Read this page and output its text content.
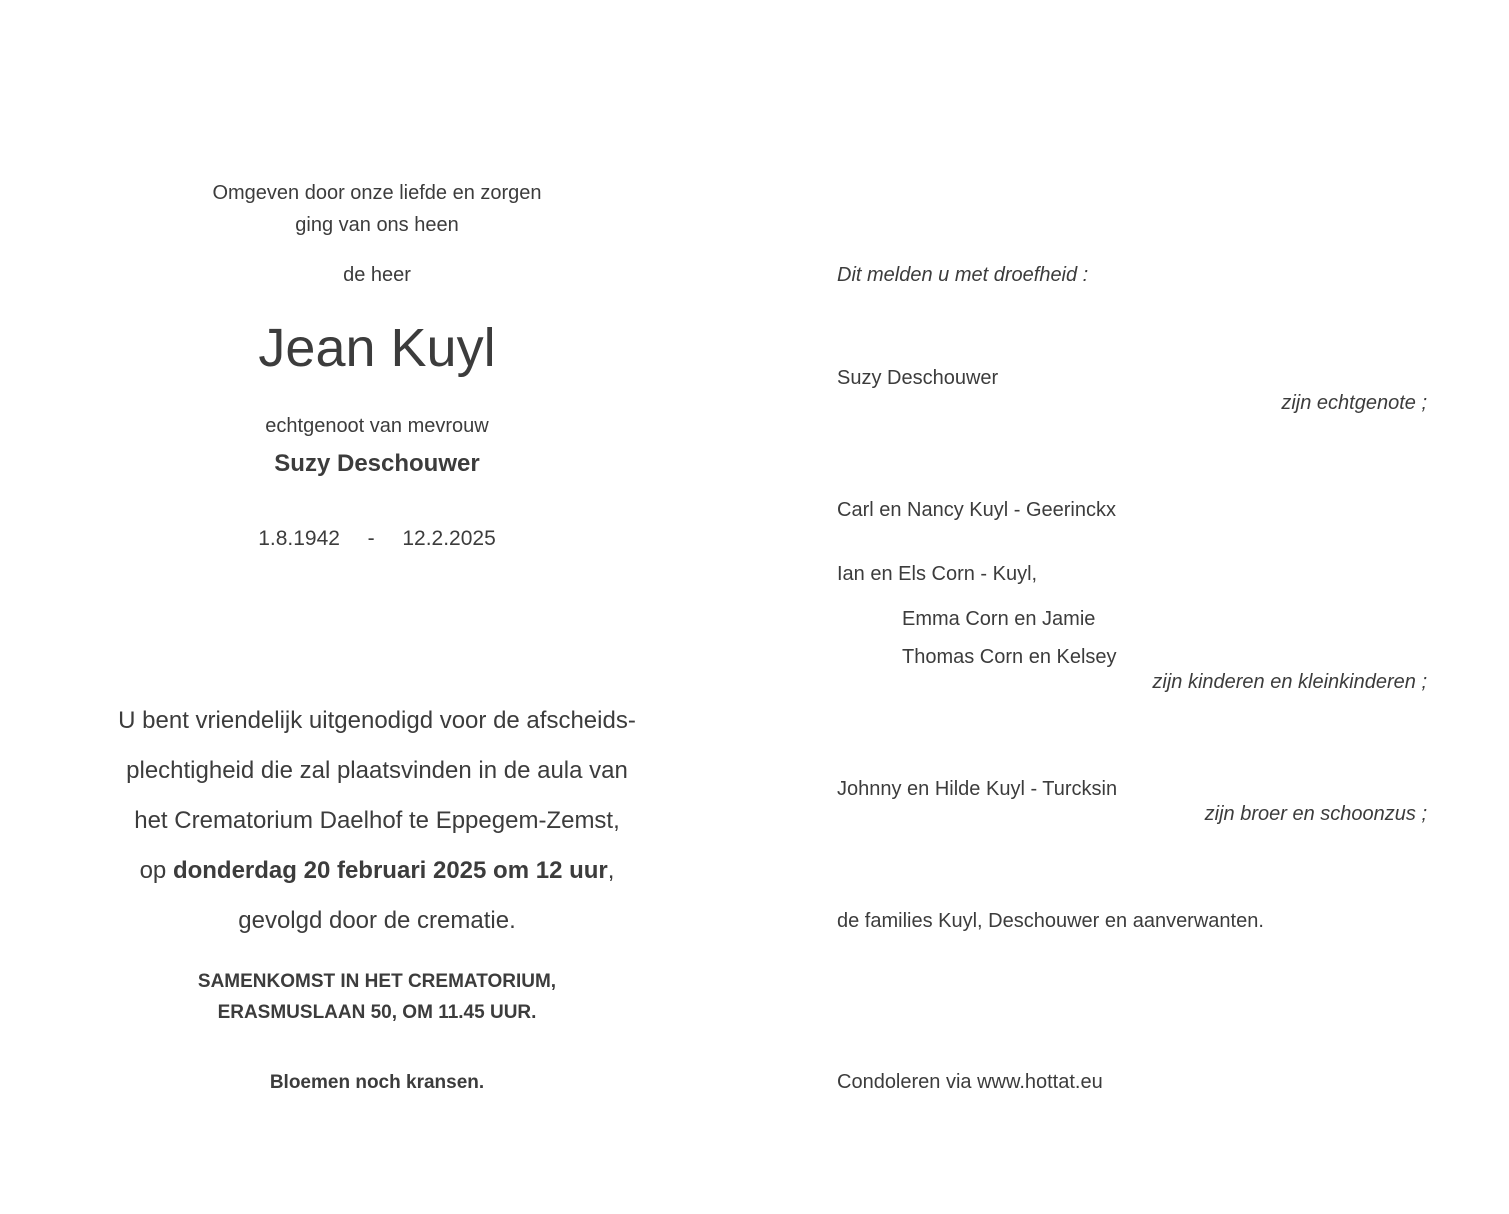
Omgeven door onze liefde en zorgen
ging van ons heen
de heer
Jean Kuyl
echtgenoot van mevrouw
Suzy Deschouwer
1.8.1942 - 12.2.2025
U bent vriendelijk uitgenodigd voor de afscheids-
plechtigheid die zal plaatsvinden in de aula van
het Crematorium Daelhof te Eppegem-Zemst,
op donderdag 20 februari 2025 om 12 uur,
gevolgd door de crematie.
SAMENKOMST IN HET CREMATORIUM,
ERASMUSLAAN 50, OM 11.45 UUR.
Bloemen noch kransen.
Dit melden u met droefheid :
Suzy Deschouwer
zijn echtgenote ;
Carl en Nancy Kuyl - Geerinckx
Ian en Els Corn - Kuyl,
Emma Corn en Jamie
Thomas Corn en Kelsey
zijn kinderen en kleinkinderen ;
Johnny en Hilde Kuyl - Turcksin
zijn broer en schoonzus ;
de families Kuyl, Deschouwer en aanverwanten.
Condoleren via www.hottat.eu
